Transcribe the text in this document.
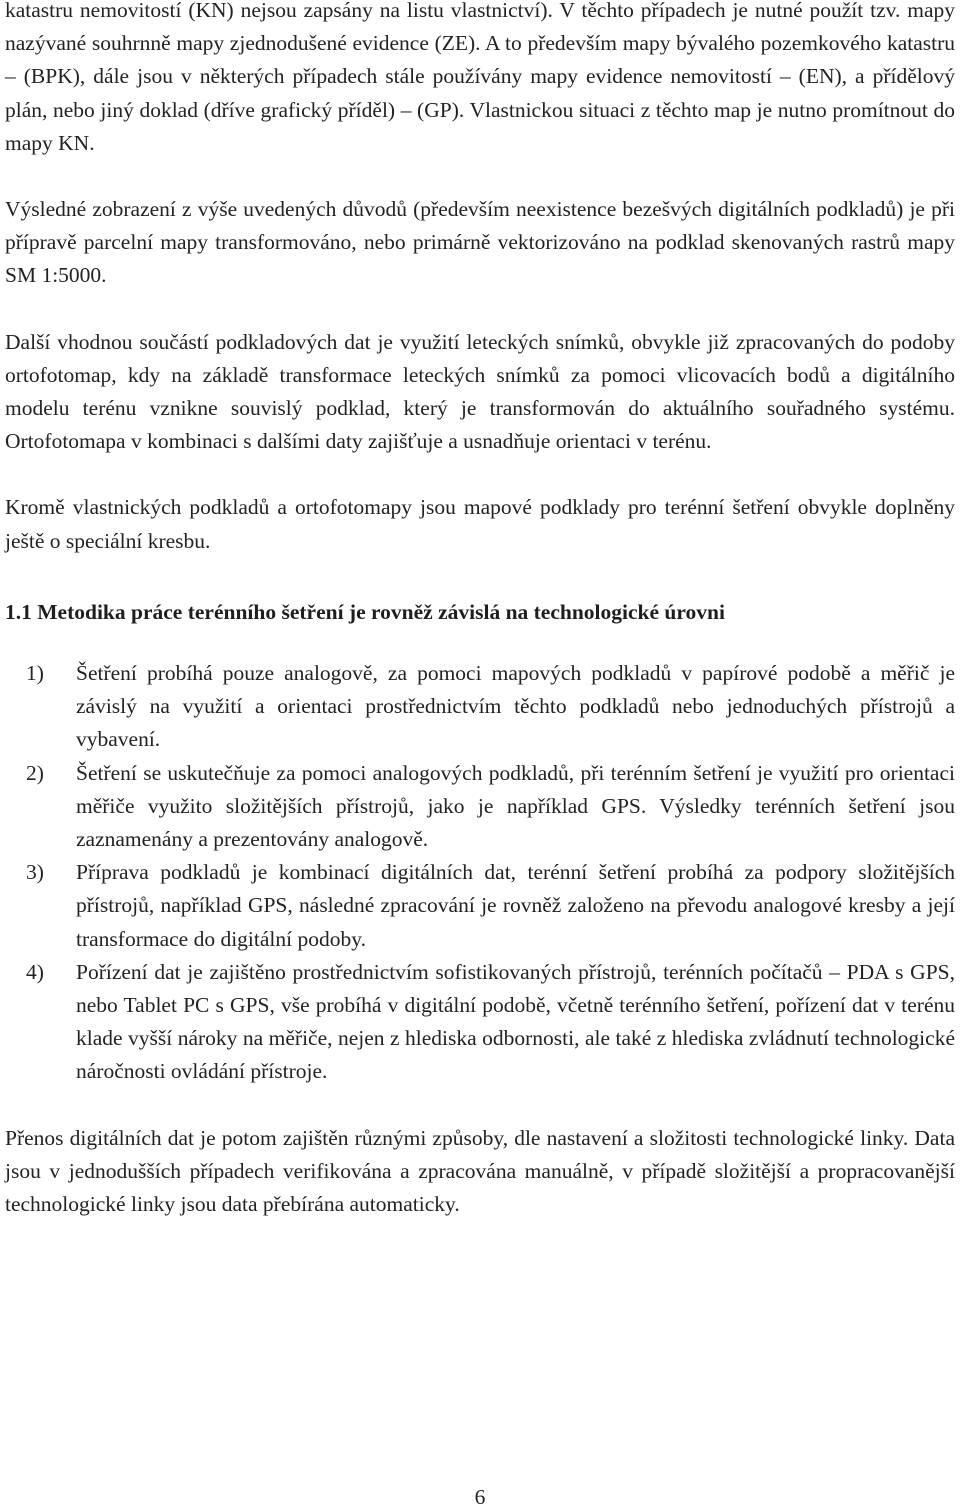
katastru nemovitostí (KN) nejsou zapsány na listu vlastnictví). V těchto případech je nutné použít tzv. mapy nazývané souhrnně mapy zjednodušené evidence (ZE). A to především mapy bývalého pozemkového katastru – (BPK), dále jsou v některých případech stále používány mapy evidence nemovitostí – (EN), a přídělový plán, nebo jiný doklad (dříve grafický příděl) – (GP). Vlastnickou situaci z těchto map je nutno promítnout do mapy KN.

Výsledné zobrazení z výše uvedených důvodů (především neexistence bezešvých digitálních podkladů) je při přípravě parcelní mapy transformováno, nebo primárně vektorizováno na podklad skenovaných rastrů mapy SM 1:5000.

Další vhodnou součástí podkladových dat je využití leteckých snímků, obvykle již zpracovaných do podoby ortofotomap, kdy na základě transformace leteckých snímků za pomoci vlicovacích bodů a digitálního modelu terénu vznikne souvislý podklad, který je transformován do aktuálního souřadného systému. Ortofotomapa v kombinaci s dalšími daty zajišťuje a usnadňuje orientaci v terénu.

Kromě vlastnických podkladů a ortofotomapy jsou mapové podklady pro terénní šetření obvykle doplněny ještě o speciální kresbu.

1.1 Metodika práce terénního šetření je rovněž závislá na technologické úrovni
1) Šetření probíhá pouze analogově, za pomoci mapových podkladů v papírové podobě a měřič je závislý na využití a orientaci prostřednictvím těchto podkladů nebo jednoduchých přístrojů a vybavení.

2) Šetření se uskutečňuje za pomoci analogových podkladů, při terénním šetření je využití pro orientaci měřiče využito složitějších přístrojů, jako je například GPS. Výsledky terénních šetření jsou zaznamenány a prezentovány analogově.

3) Příprava podkladů je kombinací digitálních dat, terénní šetření probíhá za podpory složitějších přístrojů, například GPS, následné zpracování je rovněž založeno na převodu analogové kresby a její transformace do digitální podoby.

4) Pořízení dat je zajištěno prostřednictvím sofistikovaných přístrojů, terénních počítačů – PDA s GPS, nebo Tablet PC s GPS, vše probíhá v digitální podobě, včetně terénního šetření, pořízení dat v terénu klade vyšší nároky na měřiče, nejen z hlediska odbornosti, ale také z hlediska zvládnutí technologické náročnosti ovládání přístroje.

Přenos digitálních dat je potom zajištěn různými způsoby, dle nastavení a složitosti technologické linky. Data jsou v jednodušších případech verifikována a zpracována manuálně, v případě složitější a propracovanější technologické linky jsou data přebírána automaticky.

6
